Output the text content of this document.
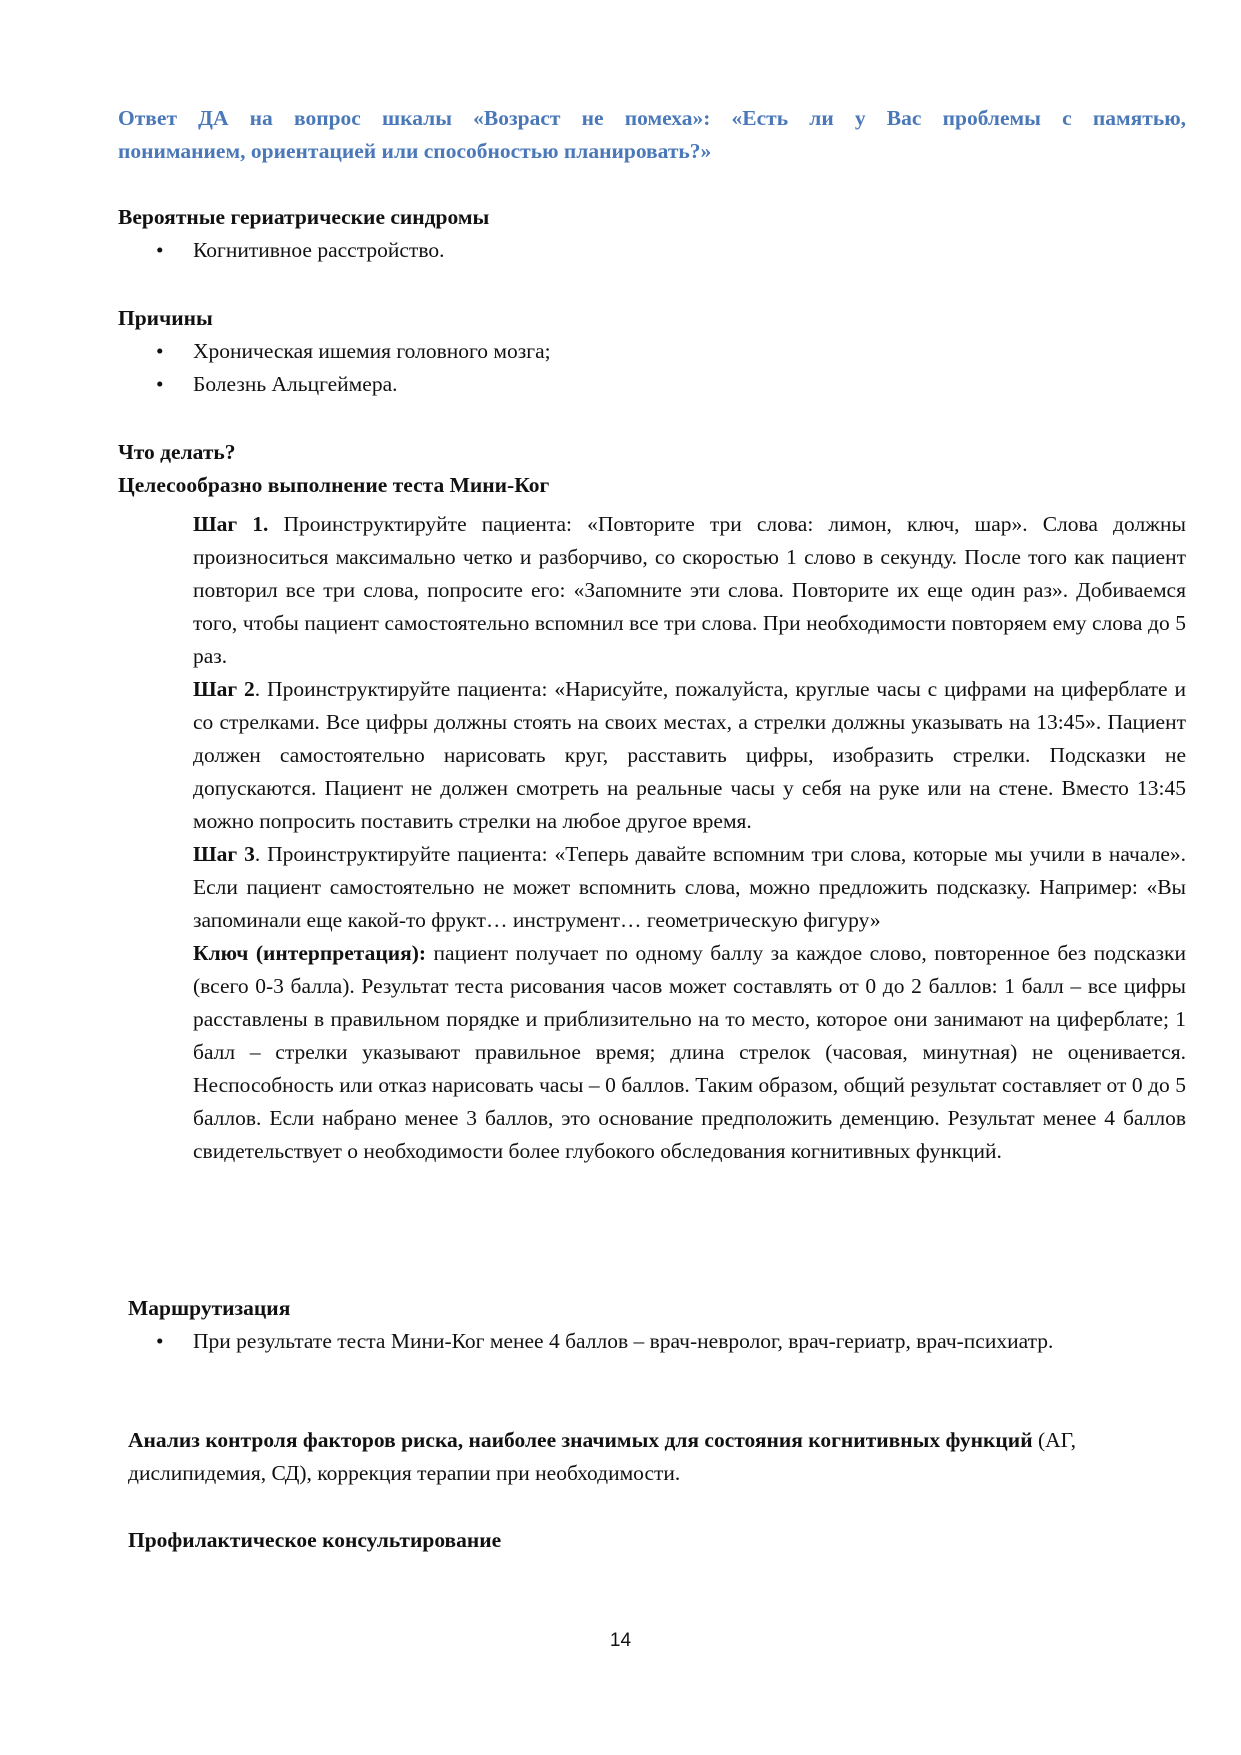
Ответ ДА на вопрос шкалы «Возраст не помеха»: «Есть ли у Вас проблемы с памятью,
пониманием, ориентацией или способностью планировать?»
Вероятные гериатрические синдромы
• Когнитивное расстройство.
Причины
• Хроническая ишемия головного мозга;
• Болезнь Альцгеймера.
Что делать?
Целесообразно выполнение теста Мини-Ког

Шаг 1. Проинструктируйте пациента: «Повторите три слова: лимон, ключ, шар». Слова должны произноситься максимально четко и разборчиво, со скоростью 1 слово в секунду. После того как пациент повторил все три слова, попросите его: «Запомните эти слова. Повторите их еще один раз». Добиваемся того, чтобы пациент самостоятельно вспомнил все три слова. При необходимости повторяем ему слова до 5 раз.

Шаг 2. Проинструктируйте пациента: «Нарисуйте, пожалуйста, круглые часы с цифрами на циферблате и со стрелками. Все цифры должны стоять на своих местах, а стрелки должны указывать на 13:45». Пациент должен самостоятельно нарисовать круг, расставить цифры, изобразить стрелки. Подсказки не допускаются. Пациент не должен смотреть на реальные часы у себя на руке или на стене. Вместо 13:45 можно попросить поставить стрелки на любое другое время.

Шаг 3. Проинструктируйте пациента: «Теперь давайте вспомним три слова, которые мы учили в начале». Если пациент самостоятельно не может вспомнить слова, можно предложить подсказку. Например: «Вы запоминали еще какой-то фрукт… инструмент… геометрическую фигуру»

Ключ (интерпретация): пациент получает по одному баллу за каждое слово, повторенное без подсказки (всего 0-3 балла). Результат теста рисования часов может составлять от 0 до 2 баллов: 1 балл – все цифры расставлены в правильном порядке и приблизительно на то место, которое они занимают на циферблате; 1 балл – стрелки указывают правильное время; длина стрелок (часовая, минутная) не оценивается. Неспособность или отказ нарисовать часы – 0 баллов. Таким образом, общий результат составляет от 0 до 5 баллов. Если набрано менее 3 баллов, это основание предположить деменцию. Результат менее 4 баллов свидетельствует о необходимости более глубокого обследования когнитивных функций.

Маршрутизация
• При результате теста Мини-Ког менее 4 баллов – врач-невролог, врач-гериатр, врач-психиатр.
Анализ контроля факторов риска, наиболее значимых для состояния когнитивных функций (АГ, дислипидемия, СД), коррекция терапии при необходимости.
Профилактическое консультирование
14
